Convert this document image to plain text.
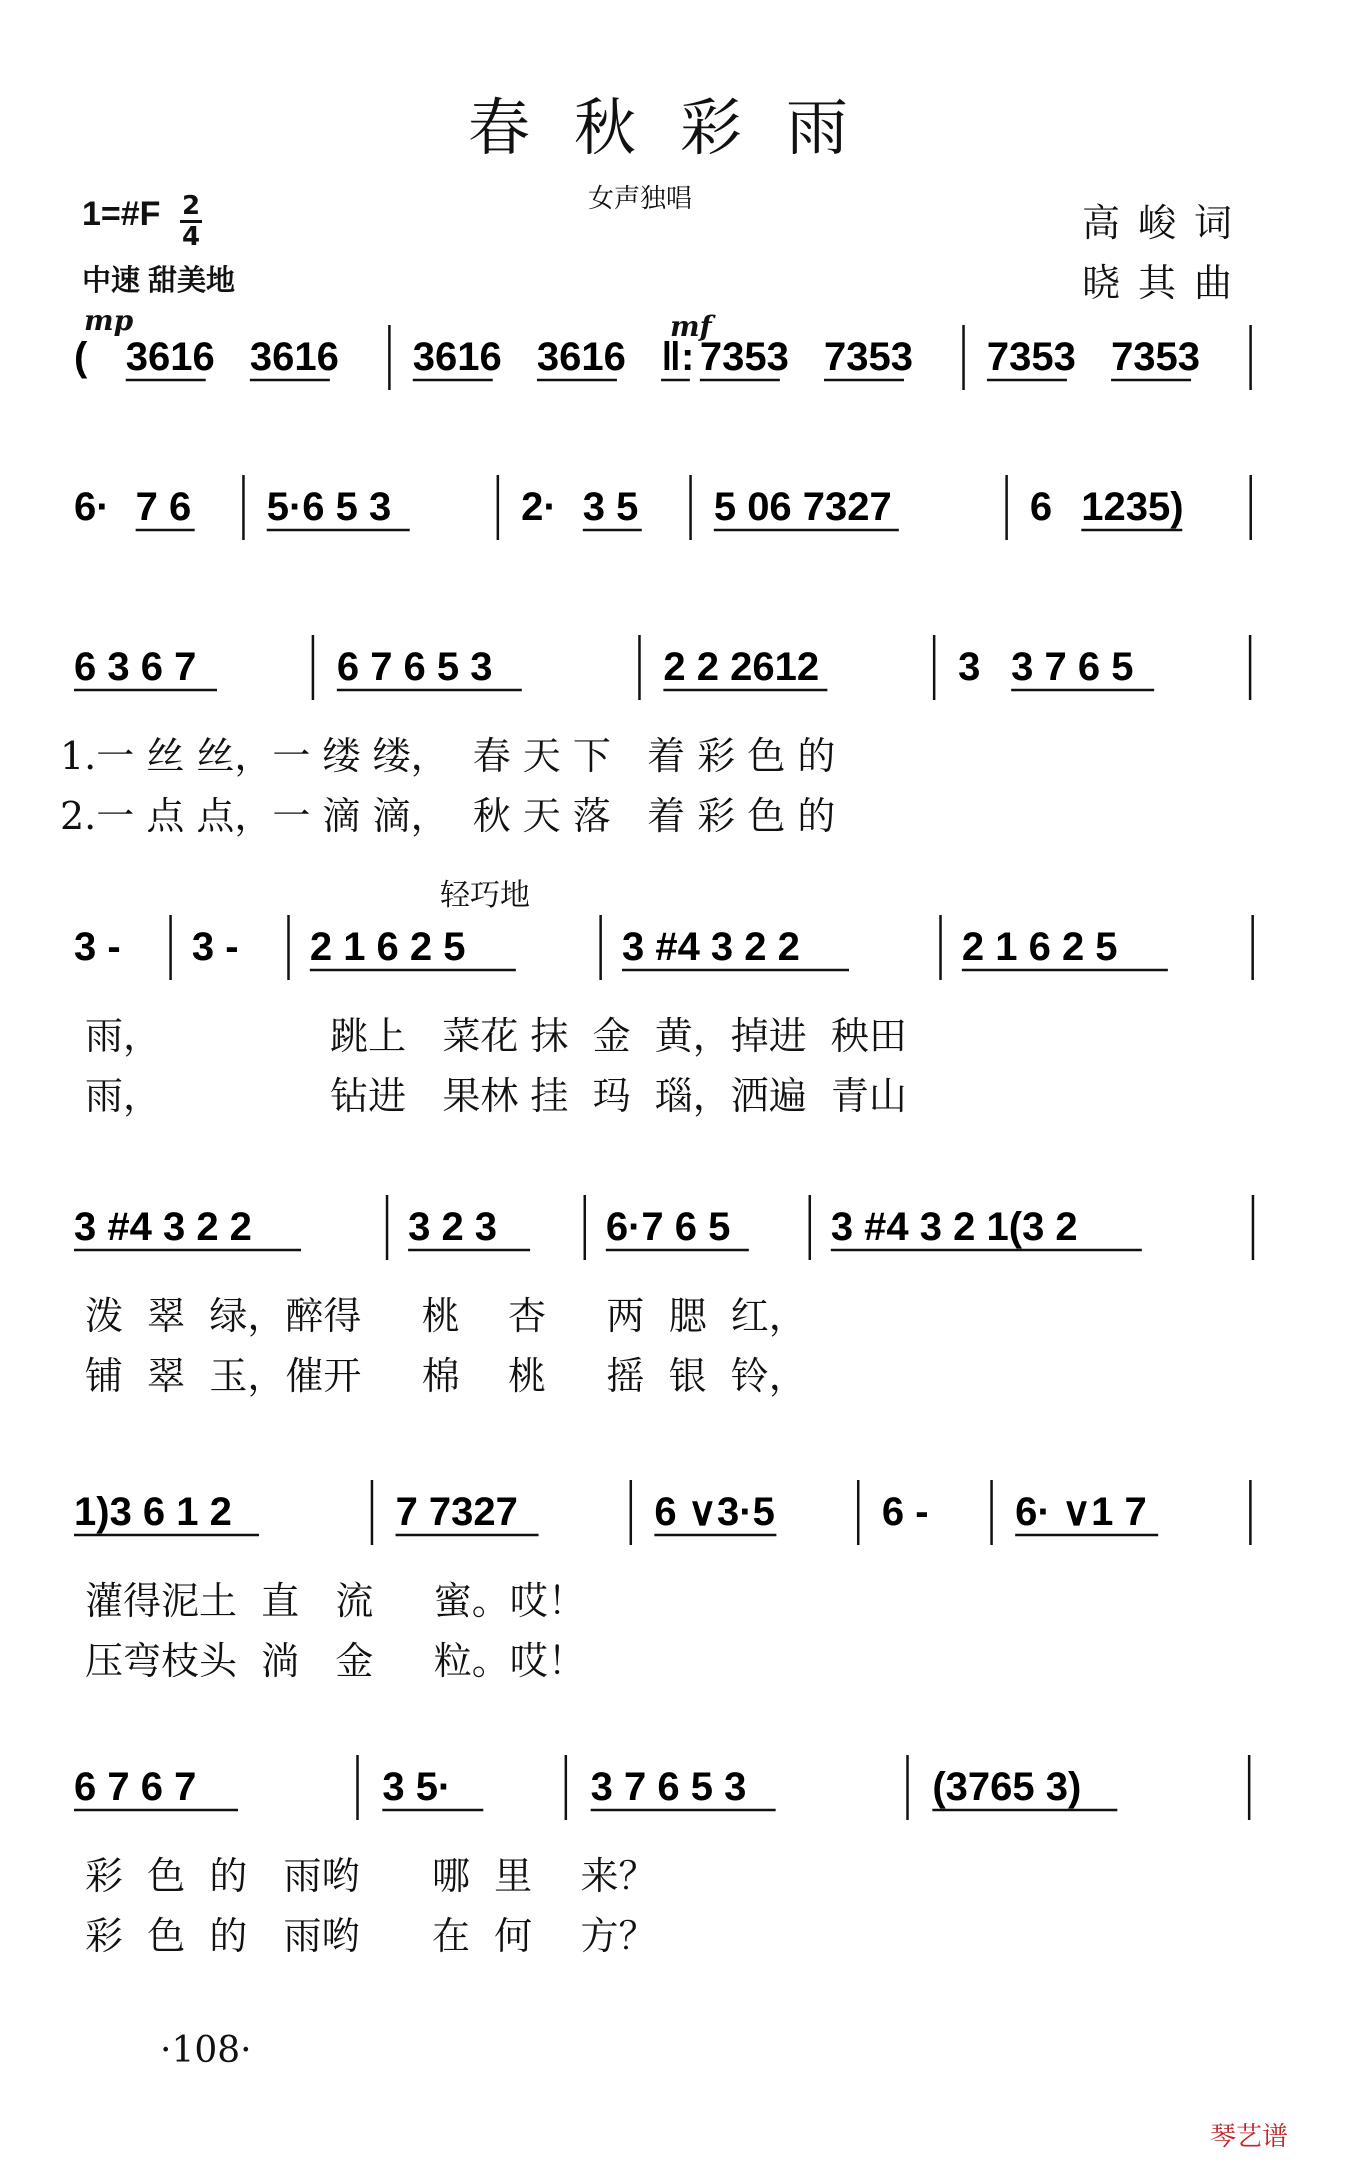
春秋彩雨
女声独唱
高峻词
晓其曲
1=#F 2
4
中速 甜美地
mp	mf
轻巧地
( 3616 3616 3616 3616 ‖: 7353 7353 7353 7353
6· 7 6 5·6 5 3	2· 3 5 5 06 7327	6 1235)
6 3 6 7	6 7 6 5 3	2 2 2612	3 3 7 6 5
3 - 3 - 2 1 6 2 5	3 #4 3 2 2	2 1 6 2 5
3 #4 3 2 2	3 2 3	6·7 6 5	3 #4 3 2 1(3 2
1)3 6 1 2	7 7327	6 ∨3·5	6 - 6· ∨1 7
6 7 6 7	3 5·	3 7 6 5 3	(3765 3)
1.一 丝 丝，一 缕 缕，  春 天 下   着 彩 色 的
2.一 点 点，一 滴 滴，  秋 天 落   着 彩 色 的
雨，              跳上   菜花 抹  金  黄，掉进  秧田
雨，              钻进   果林 挂  玛  瑙，洒遍  青山
泼  翠  绿，醉得     桃    杏     两  腮  红，
铺  翠  玉，催开     棉    桃     摇  银  铃，
灌得泥土  直   流     蜜。哎！
压弯枝头  淌   金     粒。哎！
彩  色  的   雨哟      哪  里    来？
彩  色  的   雨哟      在  何    方？
·108·
琴艺谱
